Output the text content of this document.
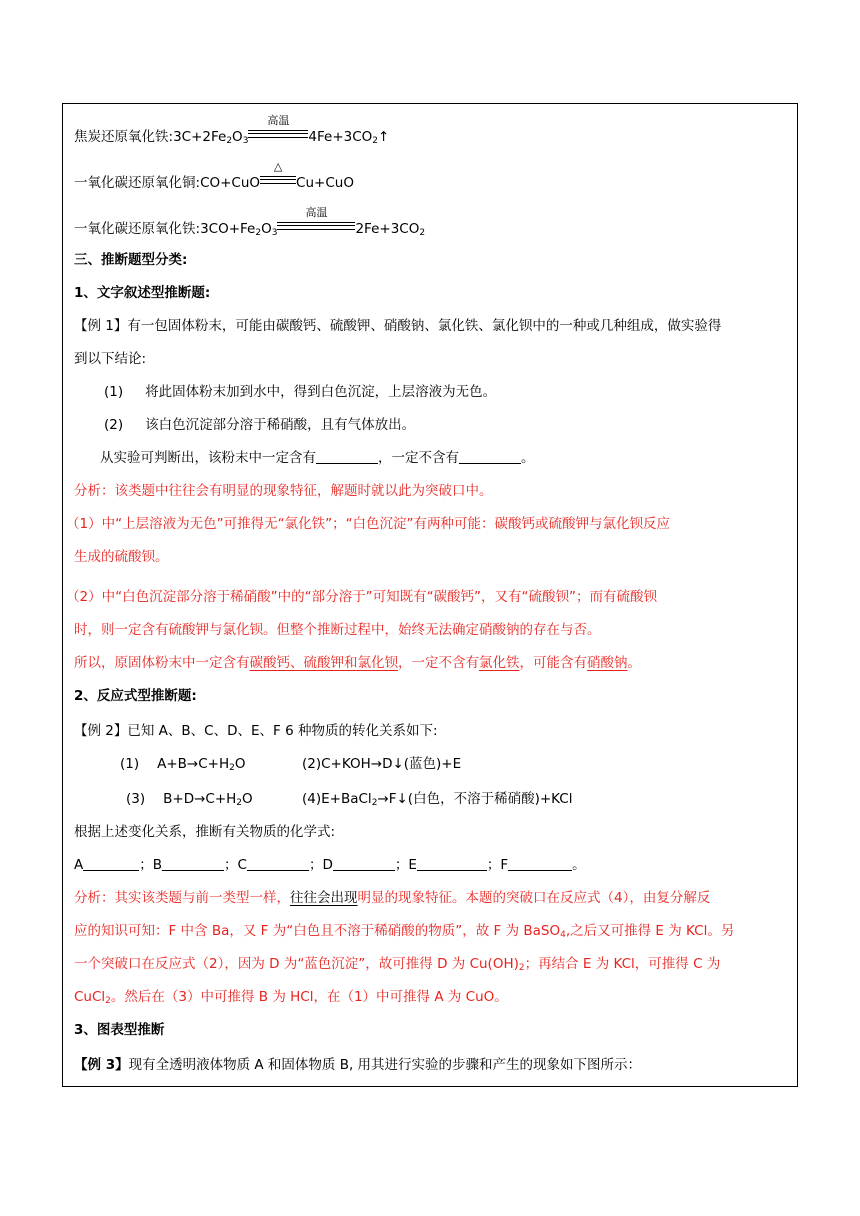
焦炭还原氧化铁$:3C+2Fe_2O_3$
高温
$4Fe+3CO_2↑$
一氧化碳还原氧化铜:CO+CuO
△
Cu+CuO
一氧化碳还原氧化铁$:3CO+Fe_2O_3$
高温
$2Fe+3CO_2$
三、推断题型分类:
1、文字叙述型推断题:
【例 1】有一包固体粉末，可能由碳酸钙、硫酸钾、硝酸钠、氯化铁、氯化钡中的一种或几种组成，做实验得
到以下结论:
(1) 将此固体粉末加到水中，得到白色沉淀，上层溶液为无色。
(2) 该白色沉淀部分溶于稀硝酸，且有气体放出。
从实验可判断出，该粉末中一定含有	，一定不含有	。
分析：该类题中往往会有明显的现象特征，解题时就以此为突破口中。
（1）中“上层溶液为无色”可推得无“氯化铁”；“白色沉淀”有两种可能：碳酸钙或硫酸钾与氯化钡反应
生成的硫酸钡。
（2）中“白色沉淀部分溶于稀硝酸”中的“部分溶于”可知既有“碳酸钙”，又有“硫酸钡”；而有硫酸钡
时，则一定含有硫酸钾与氯化钡。但整个推断过程中，始终无法确定硝酸钠的存在与否。
所以，原固体粉末中一定含有碳酸钙、硫酸钾和氯化钡，一定不含有氯化铁，可能含有硝酸钠。
2、反应式型推断题:
【例 2】已知 A、B、C、D、E、F 6 种物质的转化关系如下:
(1) $A+B\to C+H_2O$	(2)C+KOH→D↓(蓝色)+E
(3) $B+D\to C+H_2O$	(4)E+BaCl$_2$→F↓(白色，不溶于稀硝酸)+KCl
根据上述变化关系，推断有关物质的化学式:
A	；B	；C	；D	；E	；F	。
分析：其实该类题与前一类型一样，往往会出现明显的现象特征。本题的突破口在反应式（4），由复分解反
应的知识可知：F 中含 Ba，又 F 为“白色且不溶于稀硝酸的物质”，故 F 为 BaSO$_4$,之后又可推得 E 为 KCl。另
一个突破口在反应式（2），因为 D 为“蓝色沉淀”，故可推得 D 为 $Cu(OH)_2$；再结合 E 为 KCl，可推得 C 为
CuCl$_2$。然后在（3）中可推得 B 为 HCl，在（1）中可推得 A 为 CuO。
3、图表型推断
【例 3】现有全透明液体物质 A 和固体物质 B, 用其进行实验的步骤和产生的现象如下图所示：
